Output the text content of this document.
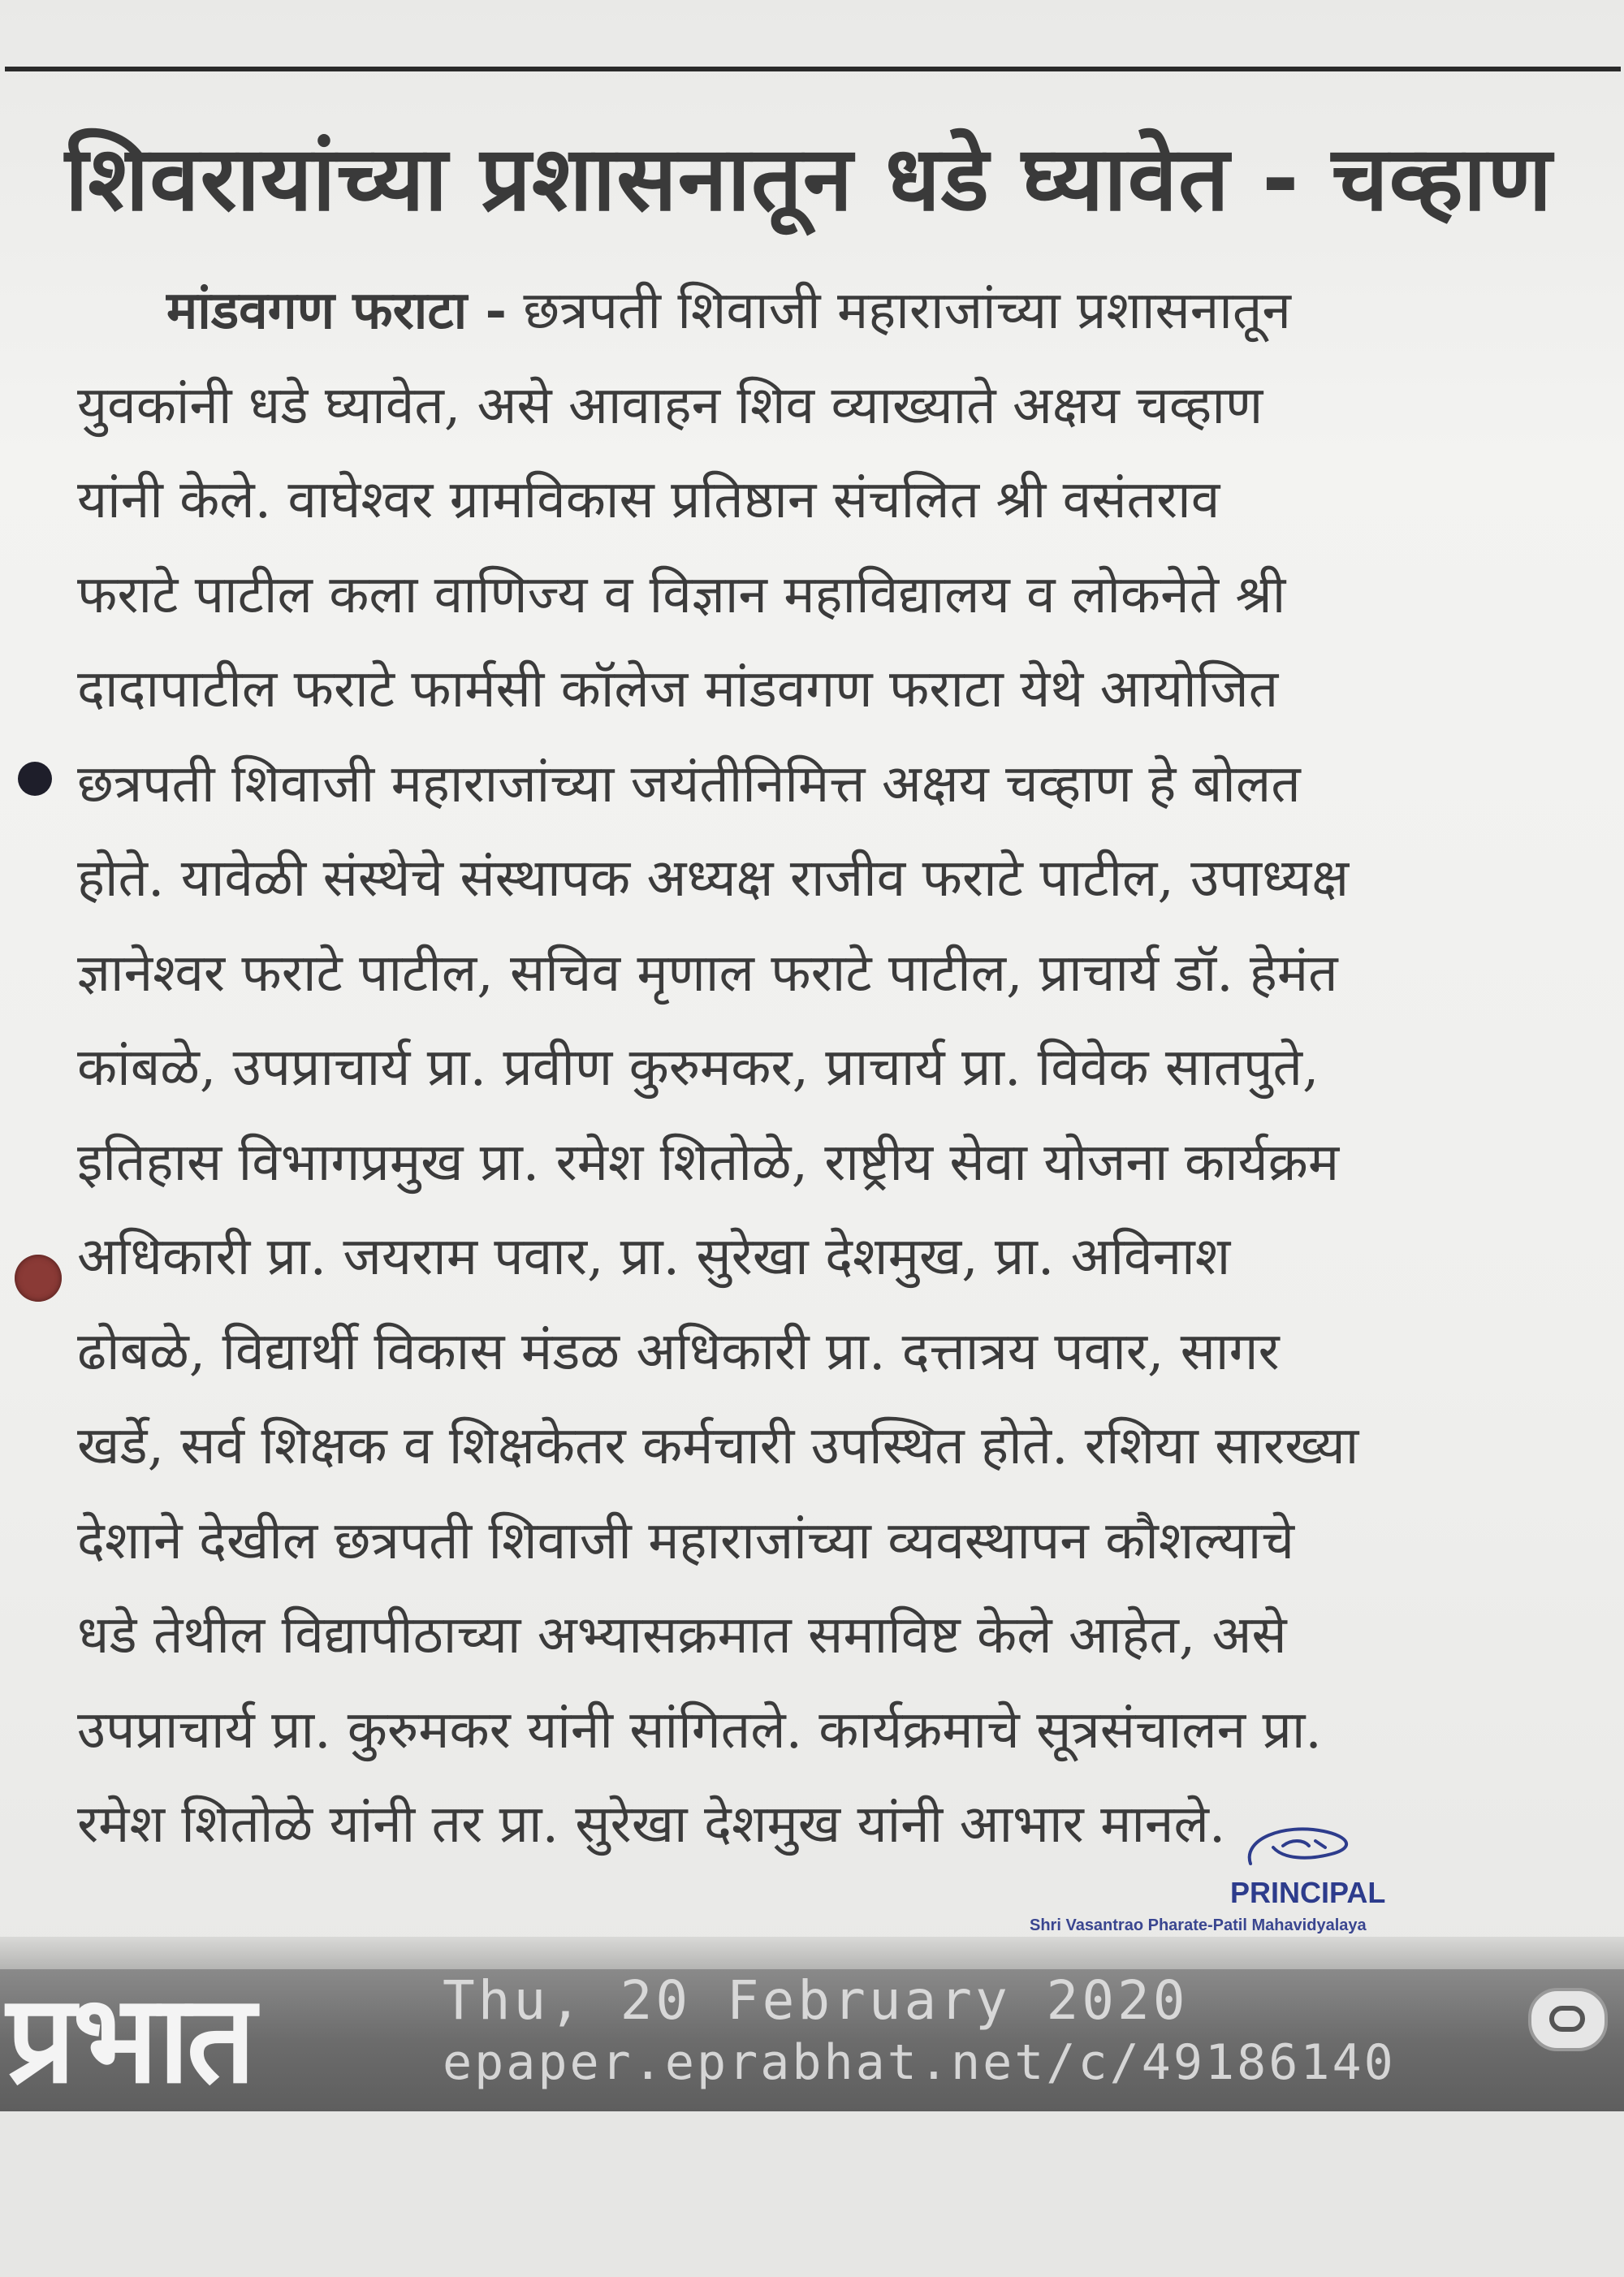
शिवरायांच्या प्रशासनातून धडे घ्यावेत - चव्हाण
मांडवगण फराटा - छत्रपती शिवाजी महाराजांच्या प्रशासनातून
युवकांनी धडे घ्यावेत, असे आवाहन शिव व्याख्याते अक्षय चव्हाण
यांनी केले. वाघेश्वर ग्रामविकास प्रतिष्ठान संचलित श्री वसंतराव
फराटे पाटील कला वाणिज्य व विज्ञान महाविद्यालय व लोकनेते श्री
दादापाटील फराटे फार्मसी कॉलेज मांडवगण फराटा येथे आयोजित
छत्रपती शिवाजी महाराजांच्या जयंतीनिमित्त अक्षय चव्हाण हे बोलत
होते. यावेळी संस्थेचे संस्थापक अध्यक्ष राजीव फराटे पाटील, उपाध्यक्ष
ज्ञानेश्वर फराटे पाटील, सचिव मृणाल फराटे पाटील, प्राचार्य डॉ. हेमंत
कांबळे, उपप्राचार्य प्रा. प्रवीण कुरुमकर, प्राचार्य प्रा. विवेक सातपुते,
इतिहास विभागप्रमुख प्रा. रमेश शितोळे, राष्ट्रीय सेवा योजना कार्यक्रम
अधिकारी प्रा. जयराम पवार, प्रा. सुरेखा देशमुख, प्रा. अविनाश
ढोबळे, विद्यार्थी विकास मंडळ अधिकारी प्रा. दत्तात्रय पवार, सागर
खर्डे, सर्व शिक्षक व शिक्षकेतर कर्मचारी उपस्थित होते. रशिया सारख्या
देशाने देखील छत्रपती शिवाजी महाराजांच्या व्यवस्थापन कौशल्याचे
धडे तेथील विद्यापीठाच्या अभ्यासक्रमात समाविष्ट केले आहेत, असे
उपप्राचार्य प्रा. कुरुमकर यांनी सांगितले. कार्यक्रमाचे सूत्रसंचालन प्रा.
रमेश शितोळे यांनी तर प्रा. सुरेखा देशमुख यांनी आभार मानले.
PRINCIPAL
Shri Vasantrao Pharate-Patil Mahavidyalaya
प्रभात	Thu, 20 February 2020
epaper.eprabhat.net/c/49186140
